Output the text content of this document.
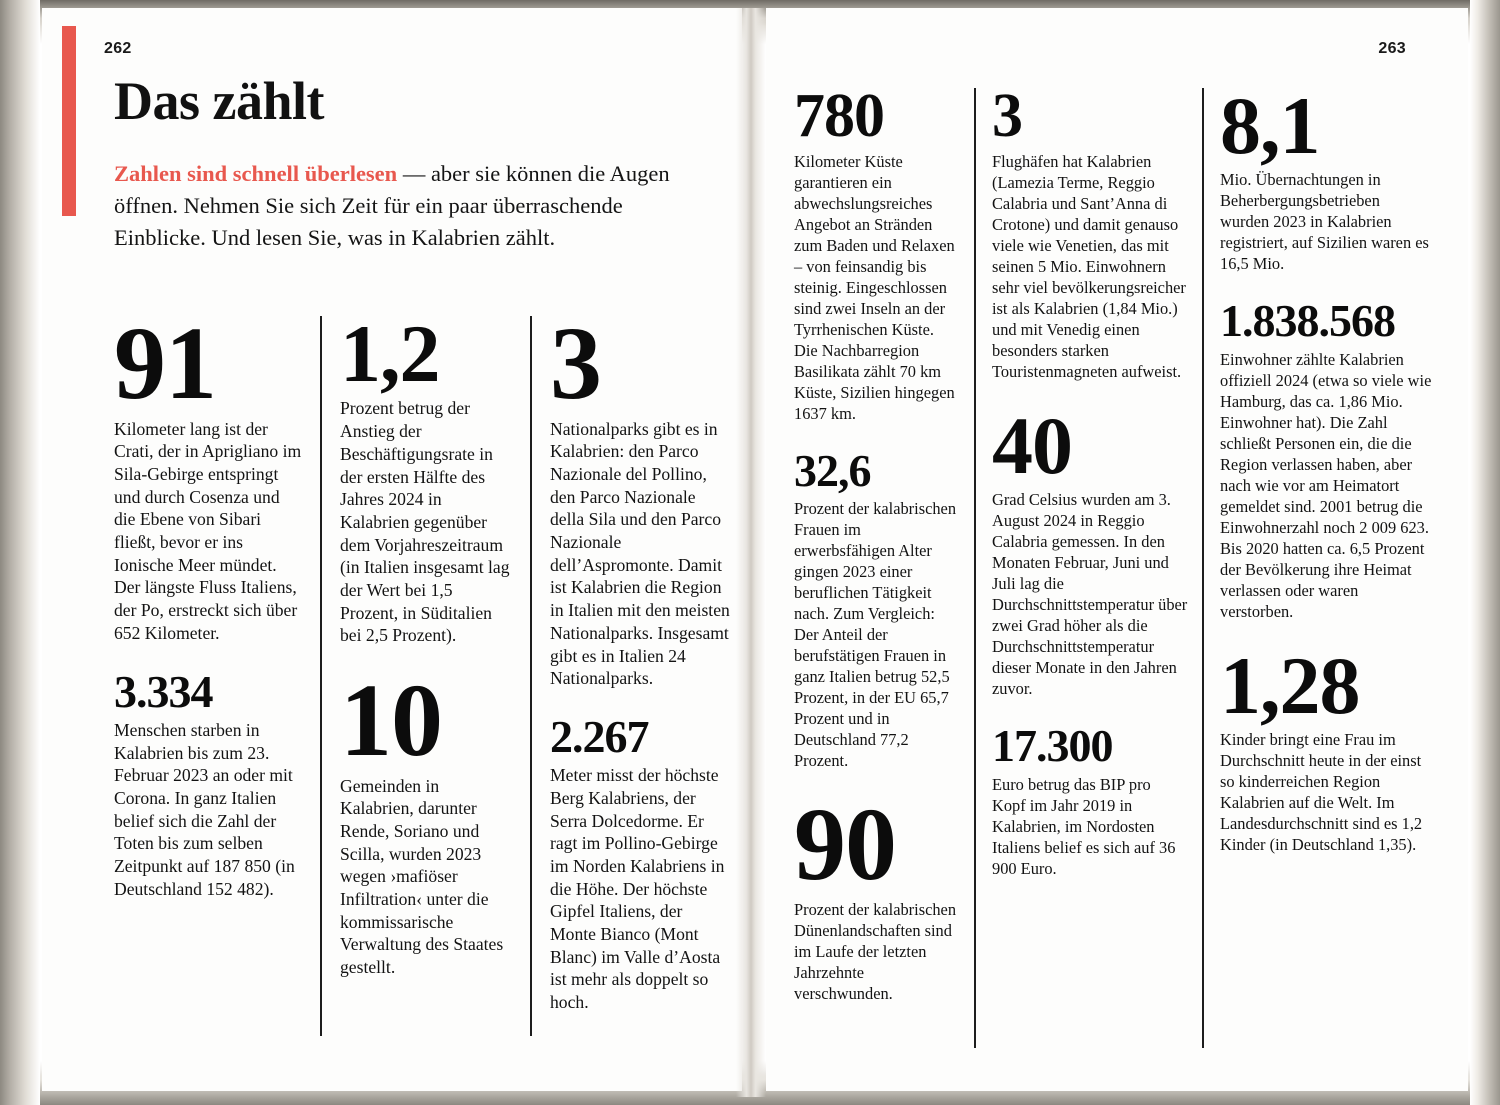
262
Das zählt
Zahlen sind schnell überlesen — aber sie können die Augen öffnen. Nehmen Sie sich Zeit für ein paar überraschende Einblicke. Und lesen Sie, was in Kalabrien zählt.
91
Kilometer lang ist der Crati, der in Aprigliano im Sila-Gebirge entspringt und durch Cosenza und die Ebene von Sibari fließt, bevor er ins Ionische Meer mündet. Der längste Fluss Italiens, der Po, erstreckt sich über 652 Kilometer.
3.334
Menschen starben in Kalabrien bis zum 23. Februar 2023 an oder mit Corona. In ganz Italien belief sich die Zahl der Toten bis zum selben Zeitpunkt auf 187 850 (in Deutschland 152 482).
1,2
Prozent betrug der Anstieg der Beschäftigungsrate in der ersten Hälfte des Jahres 2024 in Kalabrien gegenüber dem Vorjahreszeitraum (in Italien insgesamt lag der Wert bei 1,5 Prozent, in Süditalien bei 2,5 Prozent).
10
Gemeinden in Kalabrien, darunter Rende, Soriano und Scilla, wurden 2023 wegen ›mafiöser Infiltration‹ unter die kommissarische Verwaltung des Staates gestellt.
3
Nationalparks gibt es in Kalabrien: den Parco Nazionale del Pollino, den Parco Nazionale della Sila und den Parco Nazionale dell’Aspromonte. Damit ist Kalabrien die Region in Italien mit den meisten Nationalparks. Insgesamt gibt es in Italien 24 Nationalparks.
2.267
Meter misst der höchste Berg Kalabriens, der Serra Dolcedorme. Er ragt im Pollino-Gebirge im Norden Kalabriens in die Höhe. Der höchste Gipfel Italiens, der Monte Bianco (Mont Blanc) im Valle d’Aosta ist mehr als doppelt so hoch.
263
780
Kilometer Küste garantieren ein abwechslungsreiches Angebot an Stränden zum Baden und Relaxen – von feinsandig bis steinig. Eingeschlossen sind zwei Inseln an der Tyrrhenischen Küste. Die Nachbarregion Basilikata zählt 70 km Küste, Sizilien hingegen 1637 km.
32,6
Prozent der kalabrischen Frauen im erwerbsfähigen Alter gingen 2023 einer beruflichen Tätigkeit nach. Zum Vergleich: Der Anteil der berufstätigen Frauen in ganz Italien betrug 52,5 Prozent, in der EU 65,7 Prozent und in Deutschland 77,2 Prozent.
90
Prozent der kalabrischen Dünenlandschaften sind im Laufe der letzten Jahrzehnte verschwunden.
3
Flughäfen hat Kalabrien (Lamezia Terme, Reggio Calabria und Sant’Anna di Crotone) und damit genauso viele wie Venetien, das mit seinen 5 Mio. Einwohnern sehr viel bevölkerungsreicher ist als Kalabrien (1,84 Mio.) und mit Venedig einen besonders starken Touristenmagneten aufweist.
40
Grad Celsius wurden am 3. August 2024 in Reggio Calabria gemessen. In den Monaten Februar, Juni und Juli lag die Durchschnittstemperatur über zwei Grad höher als die Durchschnittstemperatur dieser Monate in den Jahren zuvor.
17.300
Euro betrug das BIP pro Kopf im Jahr 2019 in Kalabrien, im Nordosten Italiens belief es sich auf 36 900 Euro.
8,1
Mio. Übernachtungen in Beherbergungsbetrieben wurden 2023 in Kalabrien registriert, auf Sizilien waren es 16,5 Mio.
1.838.568
Einwohner zählte Kalabrien offiziell 2024 (etwa so viele wie Hamburg, das ca. 1,86 Mio. Einwohner hat). Die Zahl schließt Personen ein, die die Region verlassen haben, aber nach wie vor am Heimatort gemeldet sind. 2001 betrug die Einwohnerzahl noch 2 009 623. Bis 2020 hatten ca. 6,5 Prozent der Bevölkerung ihre Heimat verlassen oder waren verstorben.
1,28
Kinder bringt eine Frau im Durchschnitt heute in der einst so kinderreichen Region Kalabrien auf die Welt. Im Landesdurchschnitt sind es 1,2 Kinder (in Deutschland 1,35).
